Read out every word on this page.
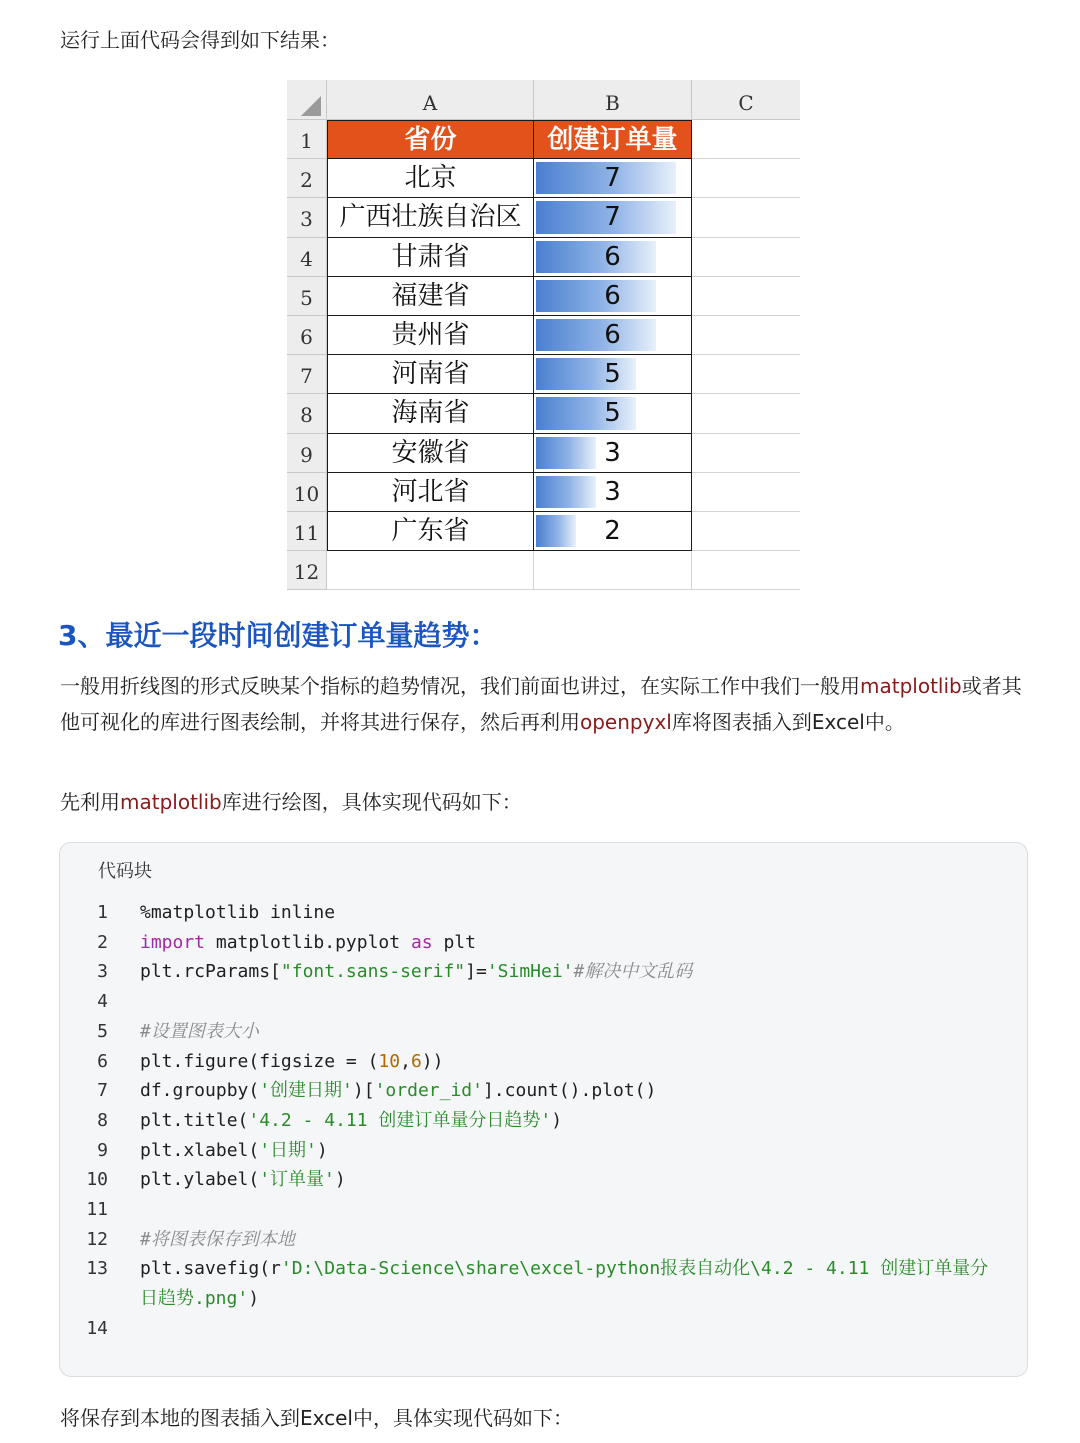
运行上面代码会得到如下结果：

A	B	C
1	省份	创建订单量
2	北京	7
3	广西壮族自治区	7
4	甘肃省	6
5	福建省	6
6	贵州省	6
7	河南省	5
8	海南省	5
9	安徽省	3
10	河北省	3
11	广东省	2
12
3、最近一段时间创建订单量趋势：

一般用折线图的形式反映某个指标的趋势情况，我们前面也讲过，在实际工作中我们一般用matplotlib或者其他可视化的库进行图表绘制，并将其进行保存，然后再利用openpyxl库将图表插入到Excel中。

先利用matplotlib库进行绘图，具体实现代码如下：

代码块
1 %matplotlib inline
2 import matplotlib.pyplot as plt
3 plt.rcParams["font.sans-serif"]='SimHei'#解决中文乱码
4
5 #设置图表大小
6 plt.figure(figsize = (10,6))
7 df.groupby('创建日期')['order_id'].count().plot()
8 plt.title('4.2 - 4.11 创建订单量分日趋势')
9 plt.xlabel('日期')
10 plt.ylabel('订单量')
11
12 #将图表保存到本地
13 plt.savefig(r'D:\Data-Science\share\excel-python报表自动化\4.2 - 4.11 创建订单量分
日趋势.png')
14

将保存到本地的图表插入到Excel中，具体实现代码如下：
